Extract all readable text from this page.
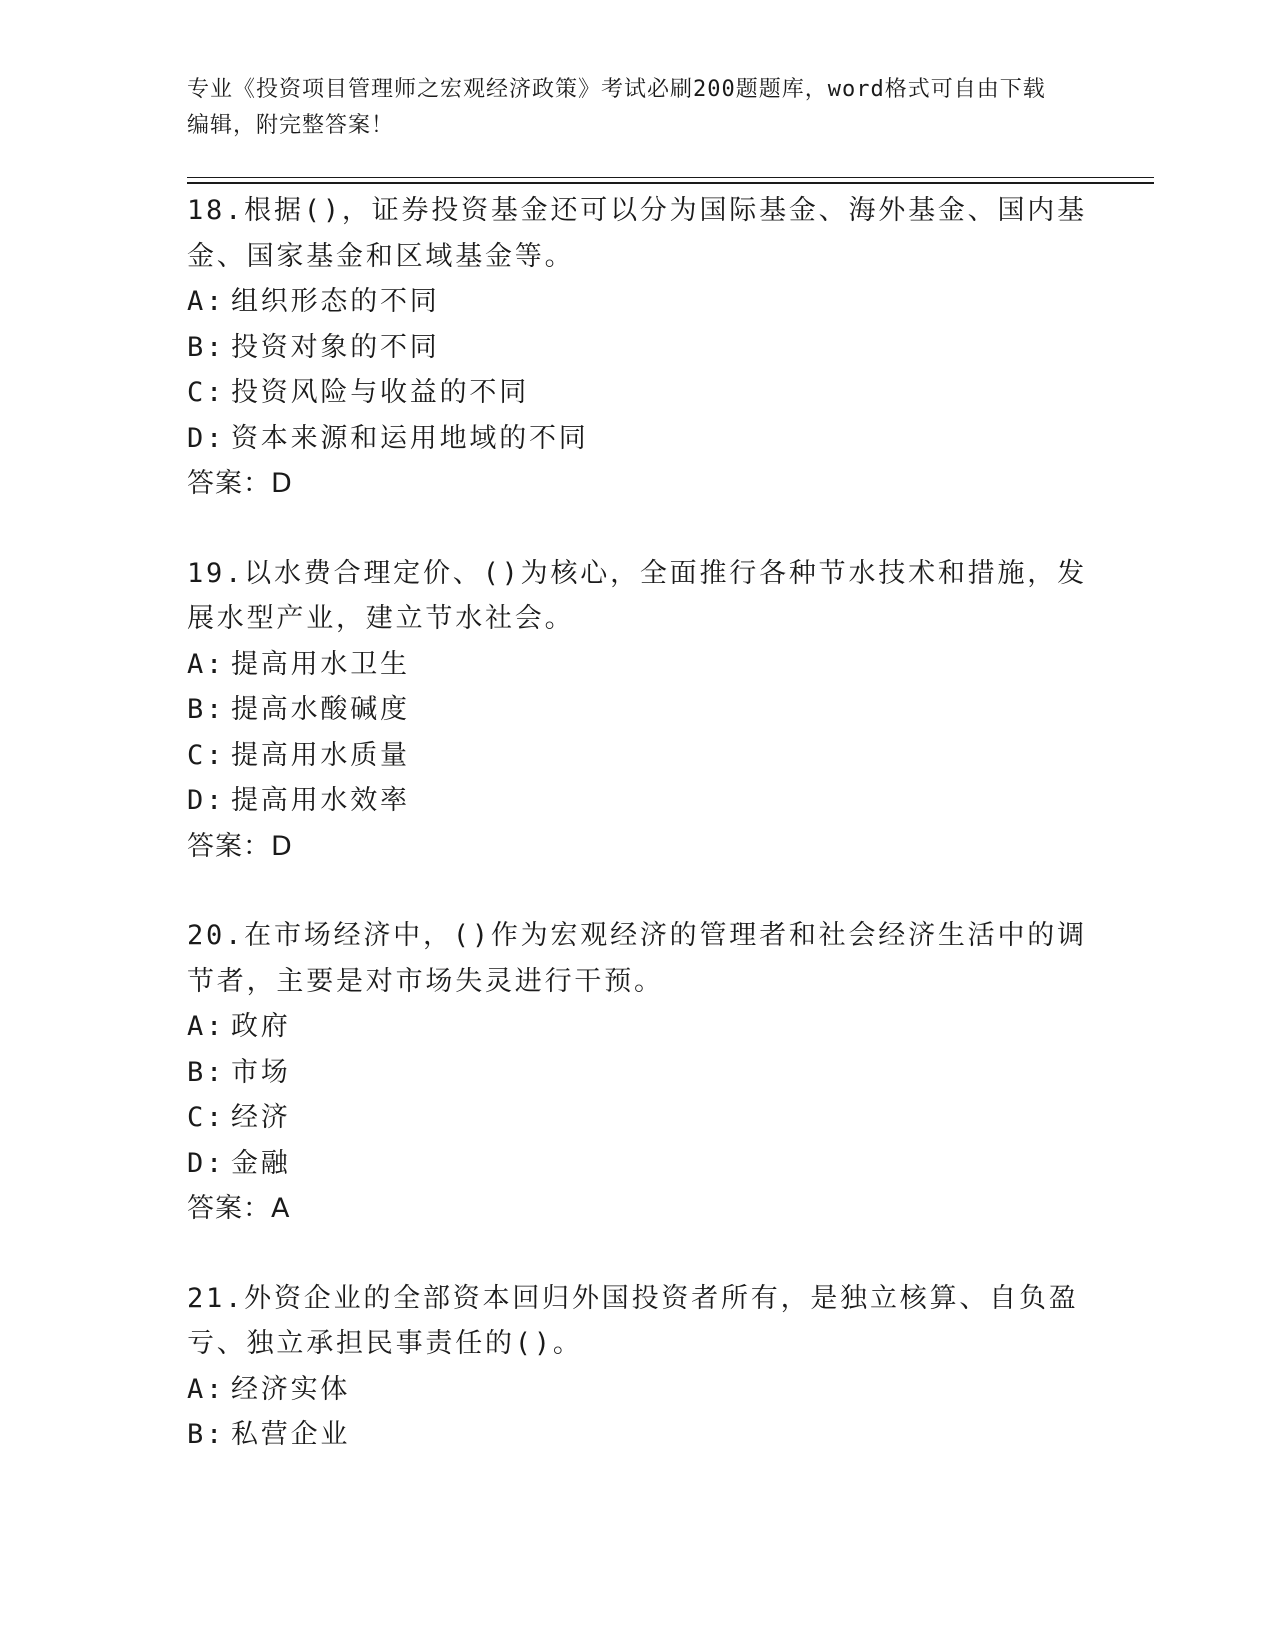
专业《投资项目管理师之宏观经济政策》考试必刷200题题库，word格式可自由下载编辑，附完整答案！

18.根据()，证券投资基金还可以分为国际基金、海外基金、国内基金、国家基金和区域基金等。

A: 组织形态的不同

B: 投资对象的不同

C: 投资风险与收益的不同

D: 资本来源和运用地域的不同

答案：D

19.以水费合理定价、()为核心，全面推行各种节水技术和措施，发展水型产业，建立节水社会。

A: 提高用水卫生

B: 提高水酸碱度

C: 提高用水质量

D: 提高用水效率

答案：D

20.在市场经济中，()作为宏观经济的管理者和社会经济生活中的调节者，主要是对市场失灵进行干预。

A: 政府

B: 市场

C: 经济

D: 金融

答案：A

21.外资企业的全部资本回归外国投资者所有，是独立核算、自负盈亏、独立承担民事责任的()。

A: 经济实体

B: 私营企业
